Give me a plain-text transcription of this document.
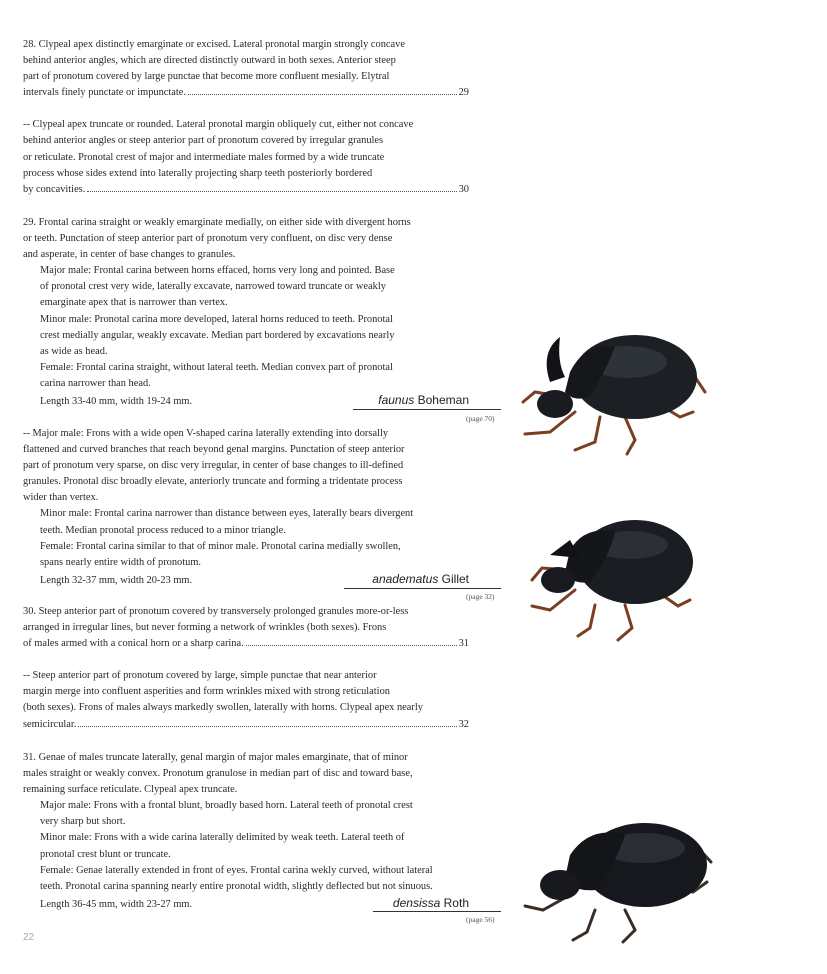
28. Clypeal apex distinctly emarginate or excised. Lateral pronotal margin strongly concave

behind anterior angles, which are directed distinctly outward in both sexes. Anterior steep

part of pronotum covered by large punctae that become more confluent mesially. Elytral

intervals finely punctate or impunctate.	29

-- Clypeal apex truncate or rounded. Lateral pronotal margin obliquely cut, either not concave

behind anterior angles or steep anterior part of pronotum covered by irregular granules

or reticulate. Pronotal crest of major and intermediate males formed by a wide truncate

process whose sides extend into laterally projecting sharp teeth posteriorly bordered

by concavities.	30

29. Frontal carina straight or weakly emarginate medially, on either side with divergent horns

or teeth. Punctation of steep anterior part of pronotum very confluent, on disc very dense

and asperate, in center of base changes to granules.

Major male: Frontal carina between horns effaced, horns very long and pointed. Base

of pronotal crest very wide, laterally excavate, narrowed toward truncate or weakly

emarginate apex that is narrower than vertex.

Minor male: Pronotal carina more developed, lateral horns reduced to teeth. Pronotal

crest medially angular, weakly excavate. Median part bordered by excavations nearly

as wide as head.

Female: Frontal carina straight, without lateral teeth. Median convex part of pronotal

carina narrower than head.

Length 33-40 mm, width 19-24 mm.	faunus Boheman
(page 70)

-- Major male: Frons with a wide open V-shaped carina laterally extending into dorsally

flattened and curved branches that reach beyond genal margins. Punctation of steep anterior

part of pronotum very sparse, on disc very irregular, in center of base changes to ill-defined

granules. Pronotal disc broadly elevate, anteriorly truncate and forming a tridentate process

wider than vertex.

Minor male: Frontal carina narrower than distance between eyes, laterally bears divergent

teeth. Median pronotal process reduced to a minor triangle.

Female: Frontal carina similar to that of minor male. Pronotal carina medially swollen,

spans nearly entire width of pronotum.

Length 32-37 mm, width 20-23 mm.	anadematus Gillet
(page 32)

30. Steep anterior part of pronotum covered by transversely prolonged granules more-or-less

arranged in irregular lines, but never forming a network of wrinkles (both sexes). Frons

of males armed with a conical horn or a sharp carina.	31

-- Steep anterior part of pronotum covered by large, simple punctae that near anterior

margin merge into confluent asperities and form wrinkles mixed with strong reticulation

(both sexes). Frons of males always markedly swollen, laterally with horns. Clypeal apex nearly

semicircular.	32

31. Genae of males truncate laterally, genal margin of major males emarginate, that of minor

males straight or weakly convex. Pronotum granulose in median part of disc and toward base,

remaining surface reticulate. Clypeal apex truncate.

Major male: Frons with a frontal blunt, broadly based horn. Lateral teeth of pronotal crest

very sharp but short.

Minor male: Frons with a wide carina laterally delimited by weak teeth. Lateral teeth of

pronotal crest blunt or truncate.

Female: Genae laterally extended in front of eyes. Frontal carina wekly curved, without lateral

teeth. Pronotal carina spanning nearly entire pronotal width, slightly deflected but not sinuous.

Length 36-45 mm, width 23-27 mm.	densissa Roth
(page 56)
22
